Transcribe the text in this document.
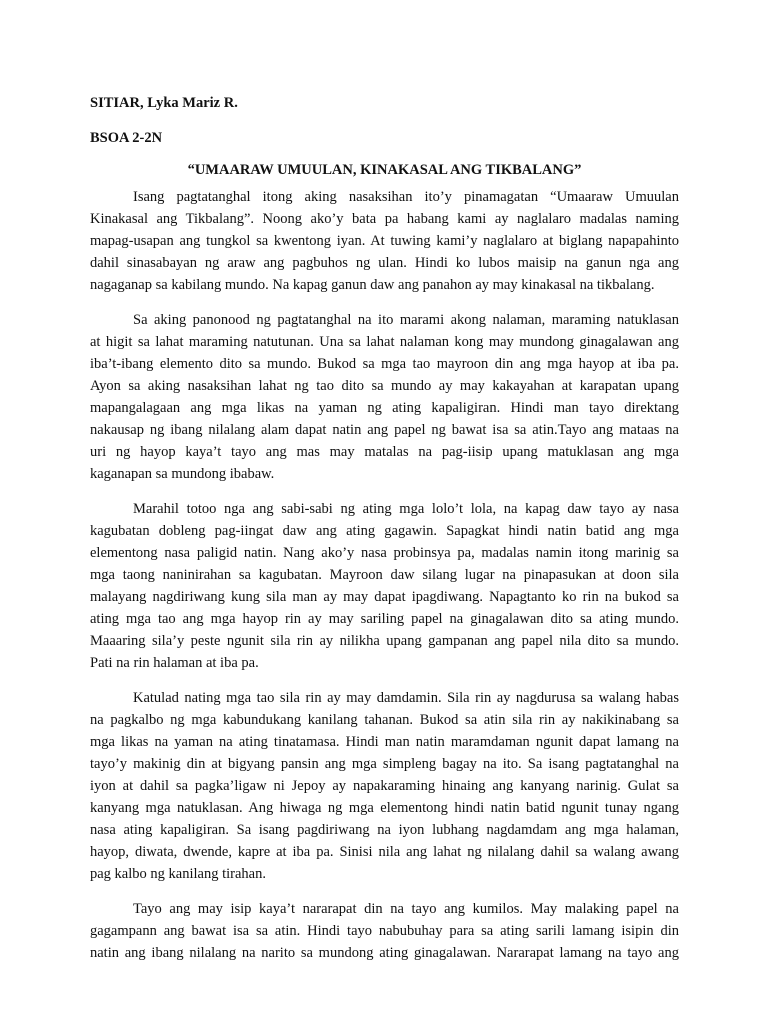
SITIAR, Lyka Mariz R.
BSOA 2-2N
“UMAARAW UMUULAN, KINAKASAL ANG TIKBALANG”
Isang pagtatanghal itong aking nasaksihan ito’y pinamagatan “Umaaraw Umuulan
Kinakasal ang Tikbalang”. Noong ako’y bata pa habang kami ay naglalaro madalas naming
mapag-usapan ang tungkol sa kwentong iyan. At tuwing kami’y naglalaro at biglang napapahinto
dahil sinasabayan ng araw ang pagbuhos ng ulan. Hindi ko lubos maisip na ganun nga ang
nagaganap sa kabilang mundo. Na kapag ganun daw ang panahon ay may kinakasal na tikbalang.
Sa aking panonood ng pagtatanghal na ito marami akong nalaman, maraming natuklasan
at higit sa lahat maraming natutunan. Una sa lahat nalaman kong may mundong ginagalawan ang
iba’t-ibang elemento dito sa mundo. Bukod sa mga tao mayroon din ang mga hayop at iba pa.
Ayon sa aking nasaksihan lahat ng tao dito sa mundo ay may kakayahan at karapatan upang
mapangalagaan ang mga likas na yaman ng ating kapaligiran. Hindi man tayo direktang
nakausap ng ibang nilalang alam dapat natin ang papel ng bawat isa sa atin.Tayo ang mataas na
uri ng hayop kaya’t tayo ang mas may matalas na pag-iisip upang matuklasan ang mga
kaganapan sa mundong ibabaw.
Marahil totoo nga ang sabi-sabi ng ating mga lolo’t lola, na kapag daw tayo ay nasa
kagubatan dobleng pag-iingat daw ang ating gagawin. Sapagkat hindi natin batid ang mga
elementong nasa paligid natin. Nang ako’y nasa probinsya pa, madalas namin itong marinig sa
mga taong naninirahan sa kagubatan. Mayroon daw silang lugar na pinapasukan at doon sila
malayang nagdiriwang kung sila man ay may dapat ipagdiwang. Napagtanto ko rin na bukod sa
ating mga tao ang mga hayop rin ay may sariling papel na ginagalawan dito sa ating mundo.
Maaaring sila’y peste ngunit sila rin ay nilikha upang gampanan ang papel nila dito sa mundo.
Pati na rin halaman at iba pa.
Katulad nating mga tao sila rin ay may damdamin. Sila rin ay nagdurusa sa walang habas
na pagkalbo ng mga kabundukang kanilang tahanan. Bukod sa atin sila rin ay nakikinabang sa
mga likas na yaman na ating tinatamasa. Hindi man natin maramdaman ngunit dapat lamang na
tayo’y makinig din at bigyang pansin ang mga simpleng bagay na ito. Sa isang pagtatanghal na
iyon at dahil sa pagka’ligaw ni Jepoy ay napakaraming hinaing ang kanyang narinig. Gulat sa
kanyang mga natuklasan. Ang hiwaga ng mga elementong hindi natin batid ngunit tunay ngang
nasa ating kapaligiran. Sa isang pagdiriwang na iyon lubhang nagdamdam ang mga halaman,
hayop, diwata, dwende, kapre at iba pa. Sinisi nila ang lahat ng nilalang dahil sa walang awang
pag kalbo ng kanilang tirahan.
Tayo ang may isip kaya’t nararapat din na tayo ang kumilos. May malaking papel na
gagampann ang bawat isa sa atin. Hindi tayo nabubuhay para sa ating sarili lamang isipin din
natin ang ibang nilalang na narito sa mundong ating ginagalawan. Nararapat lamang na tayo ang
